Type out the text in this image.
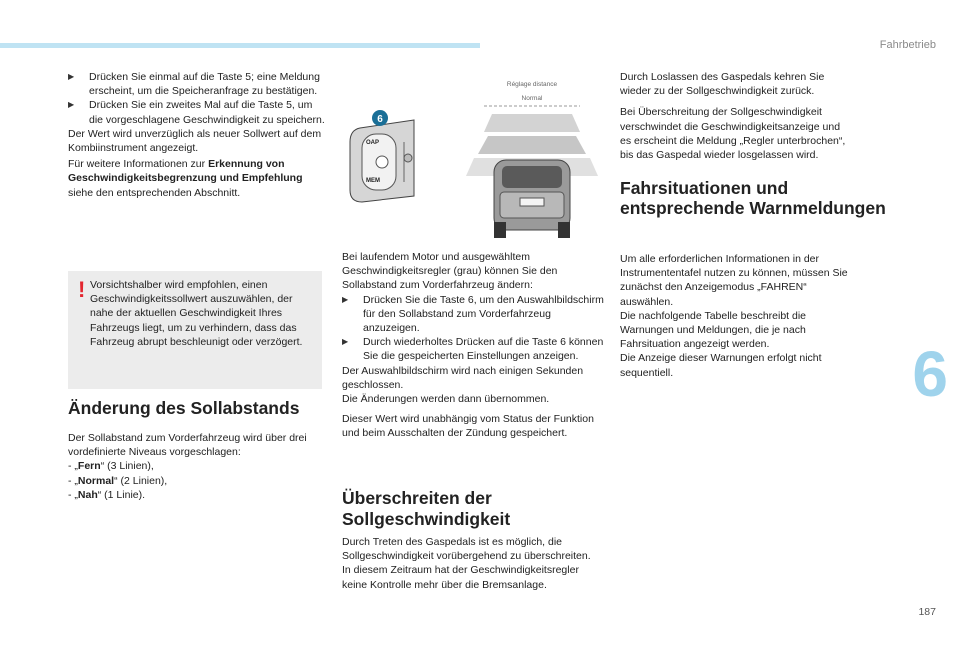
Fahrbetrieb
6
187
▶ Drücken Sie einmal auf die Taste 5; eine Meldung erscheint, um die Speicheranfrage zu bestätigen.
▶ Drücken Sie ein zweites Mal auf die Taste 5, um die vorgeschlagene Geschwindigkeit zu speichern.
Der Wert wird unverzüglich als neuer Sollwert auf dem Kombiinstrument angezeigt.
Für weitere Informationen zur Erkennung von Geschwindigkeitsbegrenzung und Empfehlung siehe den entsprechenden Abschnitt.
! Vorsichtshalber wird empfohlen, einen Geschwindigkeitssollwert auszuwählen, der nahe der aktuellen Geschwindigkeit Ihres Fahrzeugs liegt, um zu verhindern, dass das Fahrzeug abrupt beschleunigt oder verzögert.
Änderung des Sollabstands
Der Sollabstand zum Vorderfahrzeug wird über drei vordefinierte Niveaus vorgeschlagen:
- „Fern“ (3 Linien),
- „Normal“ (2 Linien),
- „Nah“ (1 Linie).
OAP
MEM
6
Réglage distance
Normal
Bei laufendem Motor und ausgewähltem Geschwindigkeitsregler (grau) können Sie den Sollabstand zum Vorderfahrzeug ändern:
▶ Drücken Sie die Taste 6, um den Auswahlbildschirm für den Sollabstand zum Vorderfahrzeug anzuzeigen.
▶ Durch wiederholtes Drücken auf die Taste 6 können Sie die gespeicherten Einstellungen anzeigen.
Der Auswahlbildschirm wird nach einigen Sekunden geschlossen.
Die Änderungen werden dann übernommen.
Dieser Wert wird unabhängig vom Status der Funktion und beim Ausschalten der Zündung gespeichert.
Überschreiten der Sollgeschwindigkeit
Durch Treten des Gaspedals ist es möglich, die Sollgeschwindigkeit vorübergehend zu überschreiten.
In diesem Zeitraum hat der Geschwindigkeitsregler keine Kontrolle mehr über die Bremsanlage.
Durch Loslassen des Gaspedals kehren Sie wieder zu der Sollgeschwindigkeit zurück.
Bei Überschreitung der Sollgeschwindigkeit verschwindet die Geschwindigkeitsanzeige und es erscheint die Meldung „Regler unterbrochen“, bis das Gaspedal wieder losgelassen wird.
Fahrsituationen und entsprechende Warnmeldungen
Um alle erforderlichen Informationen in der Instrumententafel nutzen zu können, müssen Sie zunächst den Anzeigemodus „FAHREN“ auswählen.
Die nachfolgende Tabelle beschreibt die Warnungen und Meldungen, die je nach Fahrsituation angezeigt werden.
Die Anzeige dieser Warnungen erfolgt nicht sequentiell.
